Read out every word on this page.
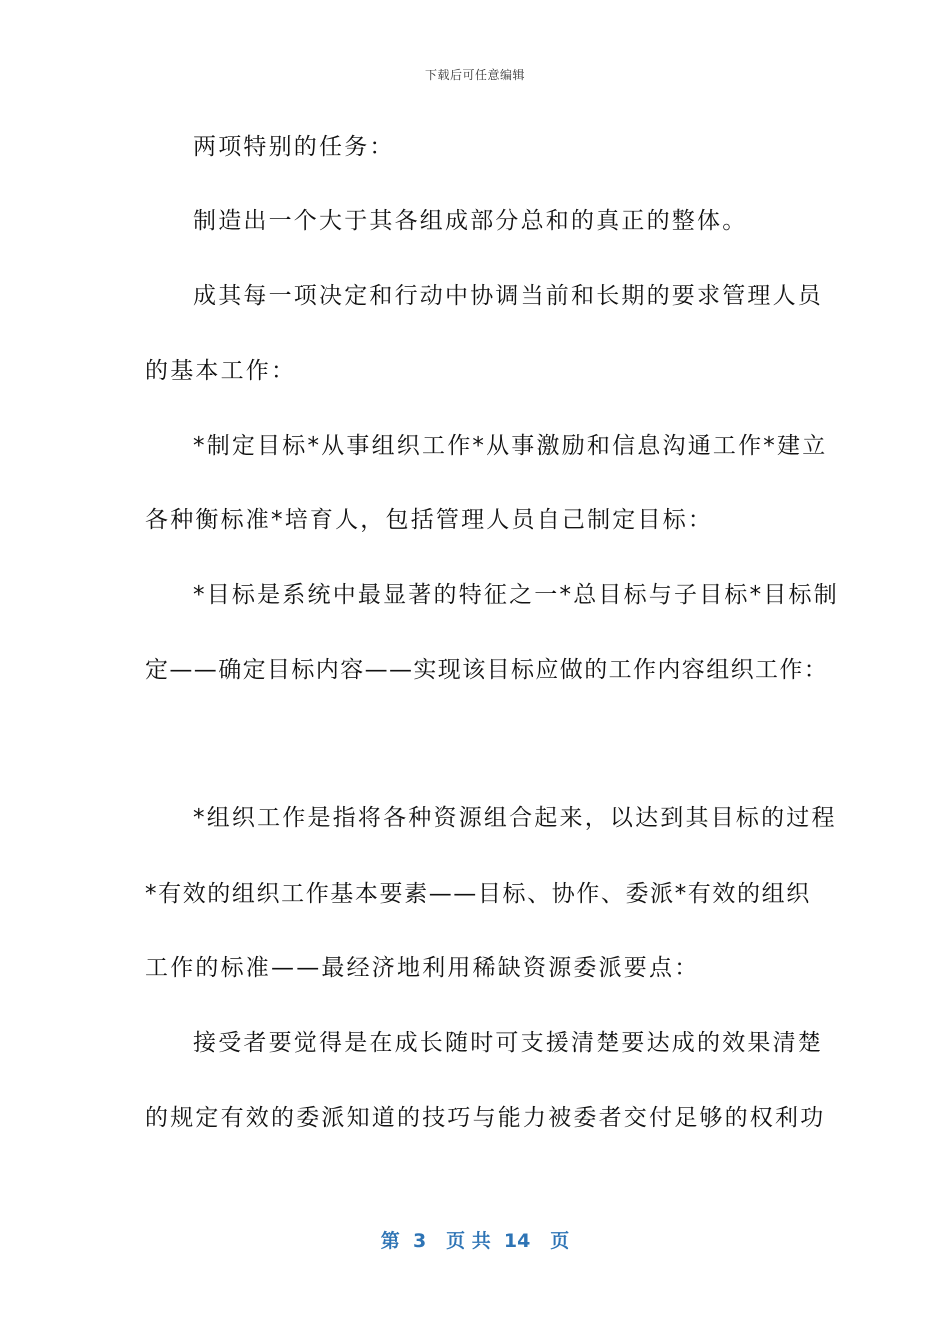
下载后可任意编辑
两项特别的任务：
制造出一个大于其各组成部分总和的真正的整体。
成其每一项决定和行动中协调当前和长期的要求管理人员
的基本工作：
*制定目标*从事组织工作*从事激励和信息沟通工作*建立
各种衡标准*培育人，包括管理人员自己制定目标：
*目标是系统中最显著的特征之一*总目标与子目标*目标制
定——确定目标内容——实现该目标应做的工作内容组织工作：
*组织工作是指将各种资源组合起来，以达到其目标的过程
*有效的组织工作基本要素——目标、协作、委派*有效的组织
工作的标准——最经济地利用稀缺资源委派要点：
接受者要觉得是在成长随时可支援清楚要达成的效果清楚
的规定有效的委派知道的技巧与能力被委者交付足够的权利功
第  3   页 共  14   页
